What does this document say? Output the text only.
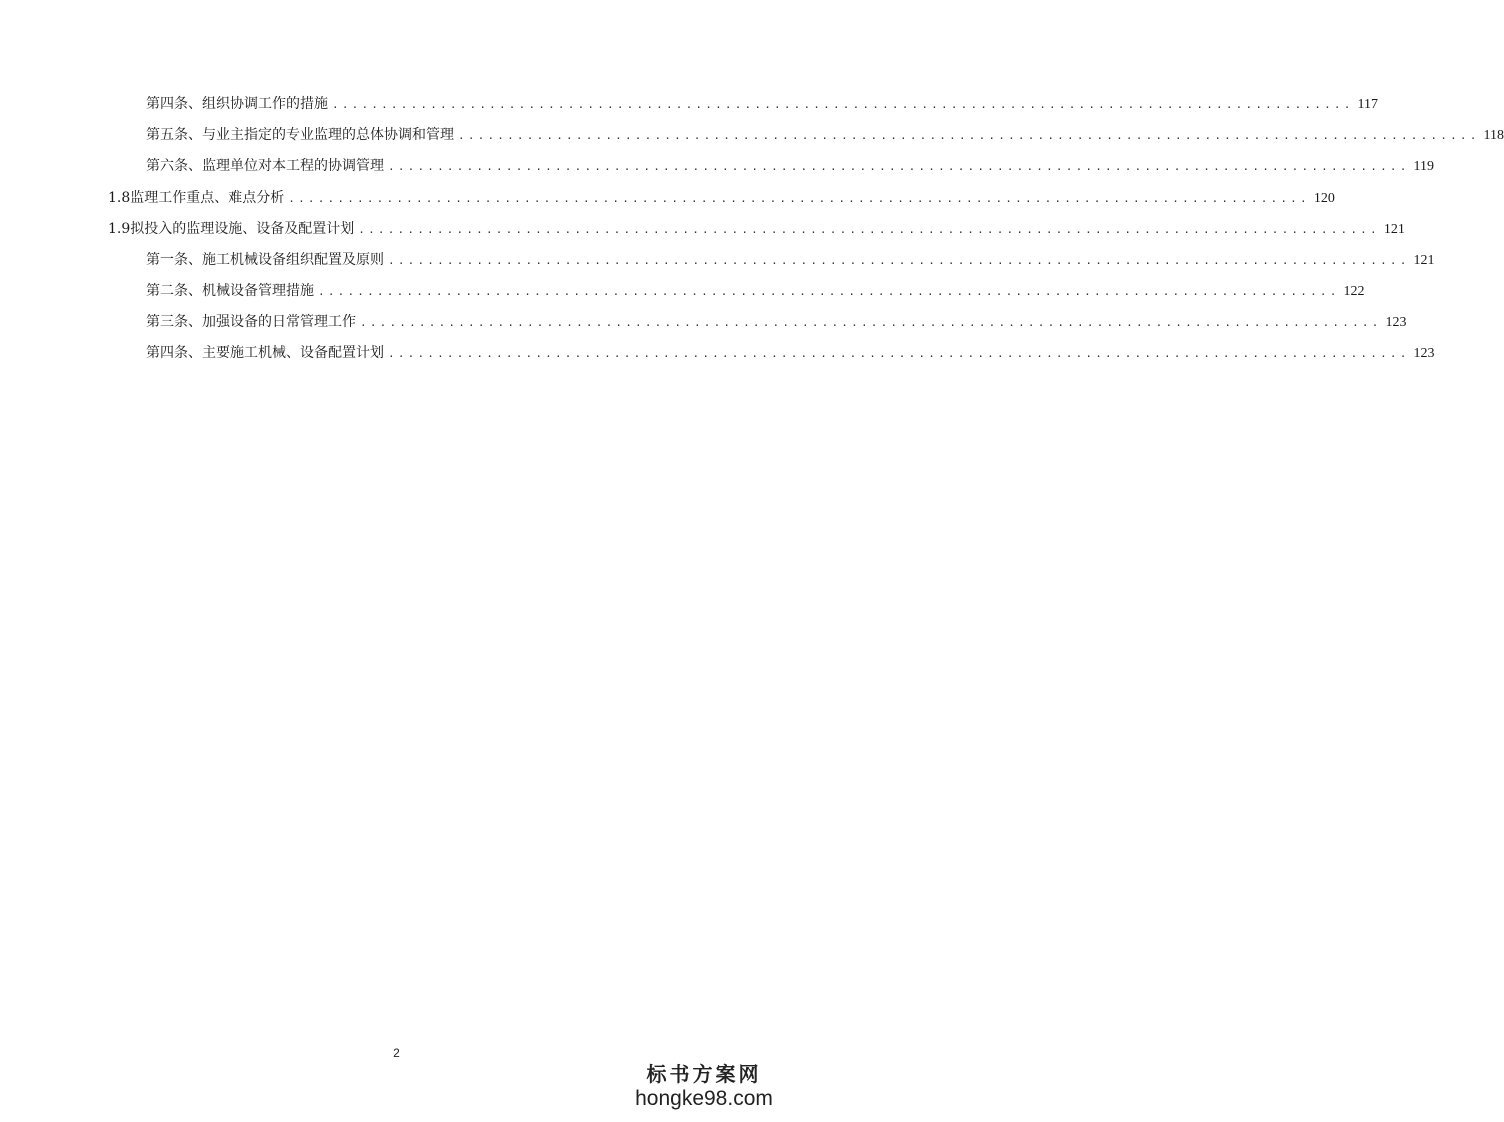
第四条、组织协调工作的措施 ........................................................................................................ 117
第五条、与业主指定的专业监理的总体协调和管理 ........................................................................................................ 118
第六条、监理单位对本工程的协调管理 ........................................................................................................ 119
1.8监理工作重点、难点分析 ........................................................................................................ 120
1.9拟投入的监理设施、设备及配置计划 ........................................................................................................ 121
第一条、施工机械设备组织配置及原则 ........................................................................................................ 121
第二条、机械设备管理措施 ........................................................................................................ 122
第三条、加强设备的日常管理工作 ........................................................................................................ 123
第四条、主要施工机械、设备配置计划 ........................................................................................................ 123
2
标书方案网
hongke98.com
